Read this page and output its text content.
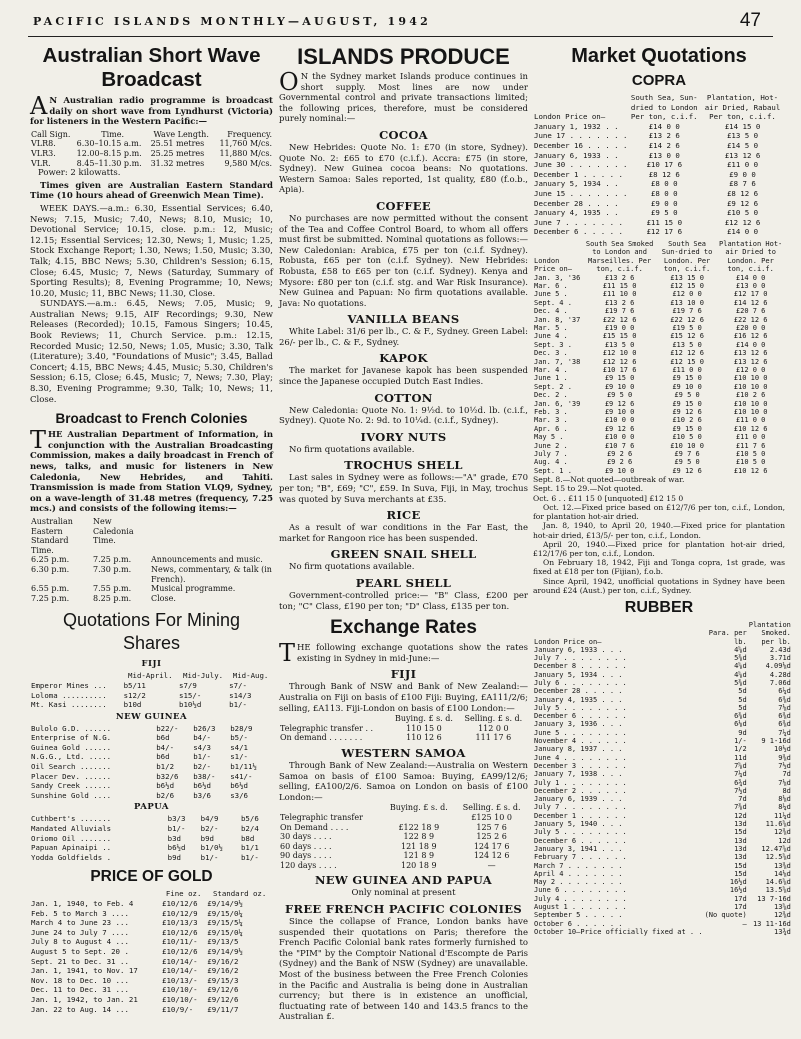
PACIFIC ISLANDS MONTHLY—AUGUST, 1942	47
Australian Short Wave
Broadcast

AN Australian radio programme is broadcast daily on short wave from Lyndhurst (Victoria) for listeners in the Western Pacific:—

Call Sign.	Time.	Wave Length.	Frequency.
VLR8.	6.30–10.15 a.m.	25.51 metres	11,760 M/cs.
VLR3.	12.00–8.15 p.m.	25.25 metres	11,880 M/cs.
VLR.	8.45–11.30 p.m.	31.32 metres	9,580 M/cs.

Power: 2 kilowatts.

Times given are Australian Eastern Standard Time (10 hours ahead of Greenwich Mean Time).

WEEK DAYS.—a.m.: 6.30, Essential Services; 6.40, News; 7.15, Music; 7.40, News; 8.10, Music; 10, Devotional Service; 10.15, close. p.m.: 12, Music; 12.15; Essential Services; 12.30, News; 1, Music; 1.25, Stock Exchange Report; 1.30, News; 1.50, Music; 3.30, Talk; 4.15, BBC News; 5.30, Children's Session; 6.15, Close; 6.45, Music; 7, News (Saturday, Summary of Sporting Results); 8, Evening Programme; 10, News; 10.20, Music; 11, BBC News; 11.30, Close.

SUNDAYS.—a.m.: 6.45, News; 7.05, Music; 9, Australian News; 9.15, AIF Recordings; 9.30, New Releases (Recorded); 10.15, Famous Singers; 10.45, Book Reviews; 11, Church Service. p.m.: 12.15, Recorded Music; 12.50, News; 1.05, Music; 3.30, Talk (Literature); 3.40, "Foundations of Music"; 3.45, Ballad Concert; 4.15, BBC News; 4.45, Music; 5.30, Children's Session; 6.15, Close; 6.45, Music; 7, News; 7.30, Play; 8.30, Evening Programme; 9.30, Talk; 10, News; 11, Close.

Broadcast to French Colonies

THE Australian Department of Information, in conjunction with the Australian Broadcasting Commission, makes a daily broadcast in French of news, talks, and music for listeners in New Caledonia, New Hebrides, and Tahiti. Transmission is made from Station VLQ9, Sydney, on a wave-length of 31.48 metres (frequency, 7.25 mcs.) and consists of the following items:—

Australian Eastern Standard Time.	New Caledonia Time.	
6.25 p.m.	7.25 p.m.	Announcements and music.
6.30 p.m.	7.30 p.m.	News, commentary, & talk (in French).
6.55 p.m.	7.55 p.m.	Musical programme.
7.25 p.m.	8.25 p.m.	Close.
Quotations For Mining
Shares
FIJI
	Mid-April.	Mid-July.	Mid-Aug.
Emperor Mines ...	b5/11	s7/9	s7/-
Loloma ..........	s12/2	s15/-	s14/3
Mt. Kasi ........	b10d	b10½d	b1/-
NEW GUINEA
Bulolo G.D. ......	b22/-	b26/3	b28/9
Enterprise of N.G.	b6d	b4/-	b5/-
Guinea Gold ......	b4/-	s4/3	s4/1
N.G.G., Ltd. .....	b6d	b1/-	s1/-
Oil Search .......	b1/2	b2/-	b1/11½
Placer Dev. ......	b32/6	b38/-	s41/-
Sandy Creek ......	b6½d	b6½d	b6½d
Sunshine Gold ....	b2/6	b3/6	s3/6
PAPUA
Cuthbert's .......	b3/3	b4/9	b5/6
Mandated Alluvials	b1/-	b2/-	b2/4
Oriomo Oil .......	b3d	b9d	b8d
Papuan Apinaipi ..	b6½d	b1/0½	b1/1
Yodda Goldfields .	b9d	b1/-	b1/-
PRICE OF GOLD
	Fine oz.	Standard oz.
Jan. 1, 1940, to Feb. 4	£10/12/6	£9/14/9½
Feb. 5 to March 3 ....	£10/12/9	£9/15/0¼
March 4 to June 23 ...	£10/13/3	£9/15/5¼
June 24 to July 7 ....	£10/12/6	£9/15/0¼
July 8 to August 4 ...	£10/11/-	£9/13/5
August 5 to Sept. 20 .	£10/12/6	£9/14/9½
Sept. 21 to Dec. 31 ..	£10/14/-	£9/16/2
Jan. 1, 1941, to Nov. 17	£10/14/-	£9/16/2
Nov. 18 to Dec. 10 ...	£10/13/-	£9/15/3
Dec. 11 to Dec. 31 ...	£10/10/-	£9/12/6
Jan. 1, 1942, to Jan. 21	£10/10/-	£9/12/6
Jan. 22 to Aug. 14 ...	£10/9/-	£9/11/7
ISLANDS PRODUCE

ON the Sydney market Islands produce continues in short supply. Most lines are now under Governmental control and private transactions limited; the following prices, therefore, must be considered purely nominal:—

COCOA

New Hebrides: Quote No. 1: £70 (in store, Sydney). Quote No. 2: £65 to £70 (c.i.f.). Accra: £75 (in store, Sydney). New Guinea cocoa beans: No quotations. Western Samoa: Sales reported, 1st quality, £80 (f.o.b., Apia).

COFFEE

No purchases are now permitted without the consent of the Tea and Coffee Control Board, to whom all offers must first be submitted. Nominal quotations as follows:— New Caledonian: Arabica, £75 per ton (c.i.f. Sydney). Robusta, £65 per ton (c.i.f. Sydney). New Hebrides: Robusta, £58 to £65 per ton (c.i.f. Sydney). Kenya and Mysore: £80 per ton (c.i.f. stg. and War Risk Insurance). New Guinea and Papuan: No firm quotations available. Java: No quotations.

VANILLA BEANS

White Label: 31/6 per lb., C. & F., Sydney. Green Label: 26/- per lb., C. & F., Sydney.

KAPOK

The market for Javanese kapok has been suspended since the Japanese occupied Dutch East Indies.

COTTON

New Caledonia: Quote No. 1: 9½d. to 10½d. lb. (c.i.f., Sydney). Quote No. 2: 9d. to 10¼d. (c.i.f., Sydney).

IVORY NUTS

No firm quotations available.

TROCHUS SHELL

Last sales in Sydney were as follows:—"A" grade, £70 per ton; "B", £69; "C", £59. In Suva, Fiji, in May, trochus was quoted by Suva merchants at £35.

RICE

As a result of war conditions in the Far East, the market for Rangoon rice has been suspended.

GREEN SNAIL SHELL

No firm quotations available.

PEARL SHELL

Government-controlled price:— "B" Class, £200 per ton; "C" Class, £190 per ton; "D" Class, £135 per ton.

Exchange Rates

THE following exchange quotations show the rates existing in Sydney in mid-June:—

FIJI

Through Bank of NSW and Bank of New Zealand:—Australia on Fiji on basis of £100 Fiji: Buying, £A111/2/6; selling, £A113. Fiji-London on basis of £100 London:—

	Buying. £ s. d.	Selling. £ s. d.
Telegraphic transfer . .	110 15 0	112 0 0
On demand . . . . . . .	110 12 6	111 17 6
WESTERN SAMOA

Through Bank of New Zealand:—Australia on Western Samoa on basis of £100 Samoa: Buying, £A99/12/6; selling, £A100/2/6. Samoa on London on basis of £100 London:—

	Buying. £ s. d.	Selling. £ s. d.
Telegraphic transfer		£125 10 0
On Demand . . . .	£122 18 9	125 7 6
30 days . . . .	122 8 9	125 2 6
60 days . . . .	121 18 9	124 17 6
90 days . . . .	121 8 9	124 12 6
120 days . . . .	120 18 9	—
NEW GUINEA AND PAPUA

Only nominal at present

FREE FRENCH PACIFIC COLONIES

Since the collapse of France, London banks have suspended their quotations on Paris; therefore the French Pacific Colonial bank rates formerly furnished to the "PIM" by the Comptoir National d'Escompte de Paris (Sydney) and the Bank of NSW (Sydney) are unavailable. Most of the business between the Free French Colonies in the Pacific and Australia is being done in Australian currency; but there is in existence an unofficial, fluctuating rate of between 140 and 143.5 francs to the Australian £.

Market Quotations
COPRA
London Price on—	South Sea, Sun-dried to London Per ton, c.i.f.	Plantation, Hot-air Dried, Rabaul Per ton, c.i.f.
January 1, 1932 . .	£14 0 0	£14 15 0
June 17 . . . . . . .	£13 2 6	£13 5 0
December 16 . . . . .	£14 2 6	£14 5 0
January 6, 1933 . .	£13 0 0	£13 12 6
June 30 . . . . . . .	£10 17 6	£11 0 0
December 1 . . . . .	£8 12 6	£9 0 0
January 5, 1934 . .	£8 0 0	£8 7 6
June 15 . . . . . . .	£8 0 0	£8 12 6
December 28 . . . .	£9 0 0	£9 12 6
January 4, 1935 . .	£9 5 0	£10 5 0
June 7 . . . . . . .	£11 15 0	£12 12 6
December 6 . . . . .	£12 17 6	£14 0 0
London Price on—	South Sea Smoked to London and Marseilles. Per ton, c.i.f.	South Sea Sun-dried to London. Per ton, c.i.f.	Plantation Hot-air Dried to London. Per ton, c.i.f.
Jan. 3, '36	£13 2 6	£13 15 0	£14 0 0
Mar. 6 .	£11 15 0	£12 15 0	£13 0 0
June 5 .	£11 10 0	£12 0 0	£12 17 0
Sept. 4 .	£13 2 6	£13 10 0	£14 12 6
Dec. 4 .	£19 7 6	£19 7 6	£20 7 6
Jan. 8, '37	£22 12 6	£22 12 6	£22 12 6
Mar. 5 .	£19 0 0	£19 5 0	£20 0 0
June 4 .	£15 15 0	£15 12 6	£16 12 6
Sept. 3 .	£13 5 0	£13 5 0	£14 0 0
Dec. 3 .	£12 10 0	£12 12 6	£13 12 6
Jan. 7, '38	£12 12 6	£12 15 0	£13 12 6
Mar. 4 .	£10 17 6	£11 0 0	£12 0 0
June 1 .	£9 15 0	£9 15 0	£10 10 0
Sept. 2 .	£9 10 0	£9 10 0	£10 10 0
Dec. 2 .	£9 5 0	£9 5 0	£10 2 6
Jan. 6, '39	£9 12 6	£9 15 0	£10 10 0
Feb. 3 .	£9 10 0	£9 12 6	£10 10 0
Mar. 3 .	£10 0 0	£10 2 6	£11 0 0
Apr. 6 .	£9 12 6	£9 15 0	£10 12 6
May 5 .	£10 0 0	£10 5 0	£11 0 0
June 2 .	£10 7 6	£10 10 0	£11 7 6
July 7 .	£9 2 6	£9 7 6	£10 5 0
Aug. 4 .	£9 2 6	£9 5 0	£10 5 0
Sept. 1 .	£9 10 0	£9 12 6	£10 12 6

Sept. 8.—Not quoted—outbreak of war.

Sept. 15 to 29.—Not quoted.

Oct. 6 . . £11 15 0 [unquoted] £12 15 0

Oct. 12.—Fixed price based on £12/7/6 per ton, c.i.f., London, for plantation hot-air dried.

Jan. 8, 1940, to April 20, 1940.—Fixed price for plantation hot-air dried, £13/5/- per ton, c.i.f., London.

April 20, 1940.—Fixed price for plantation hot-air dried, £12/17/6 per ton, c.i.f., London.

On February 18, 1942, Fiji and Tonga copra, 1st grade, was fixed at £18 per ton (Fijian), f.o.b.

Since April, 1942, unofficial quotations in Sydney have been around £24 (Aust.) per ton, c.i.f., Sydney.

RUBBER
London Price on—	Para. per lb.	Plantation Smoked. per lb.
January 6, 1933 . . .	4⅝d	2.43d
July 7 . . . . . . . .	5⅜d	3.71d
December 8 . . . . . .	4⅝d	4.09⅛d
January 5, 1934 . . .	4⅝d	4.28d
July 6 . . . . . . . .	5⅜d	7.06d
December 28 . . . . .	5d	6¼d
January 4, 1935 . . .	5d	6⅜d
July 5 . . . . . . . .	5d	7⅛d
December 6 . . . . . .	6⅜d	6⅜d
January 3, 1936 . . .	6⅛d	6⅜d
June 5 . . . . . . . .	9d	7¼d
November 4 . . . . . .	1/-	9 1-16d
January 8, 1937 . . .	1/2	10½d
June 4 . . . . . . . .	11d	9⅜d
December 3 . . . . . .	7⅝d	7½d
January 7, 1938 . . .	7¼d	7d
July 1 . . . . . . . .	6¾d	7⅛d
December 2 . . . . . .	7½d	8d
January 6, 1939 . . .	7d	8⅛d
July 7 . . . . . . . .	7⅜d	8¼d
December 1 . . . . . .	12d	11¼d
January 5, 1940 . . .	13d	11.6⅝d
July 5 . . . . . . . .	15d	12⅜d
December 6 . . . . . .	13d	12d
January 3, 1941 . . .	13d	12.47⅝d
February 7 . . . . . .	13d	12.5⅝d
March 7 . . . . . . .	15d	13⅜d
April 4 . . . . . . .	15d	14⅛d
May 2 . . . . . . . .	16½d	14.6⅝d
June 6 . . . . . . . .	16½d	13.5⅝d
July 4 . . . . . . . .	17d	13 7-16d
August 1 . . . . . . .	17d	13⅝d
September 5 . . . . .	(No quote)	12⅜d
October 6 . . . . . .	—	13 11-16d
October 10—Price officially fixed at . .		13¾d
